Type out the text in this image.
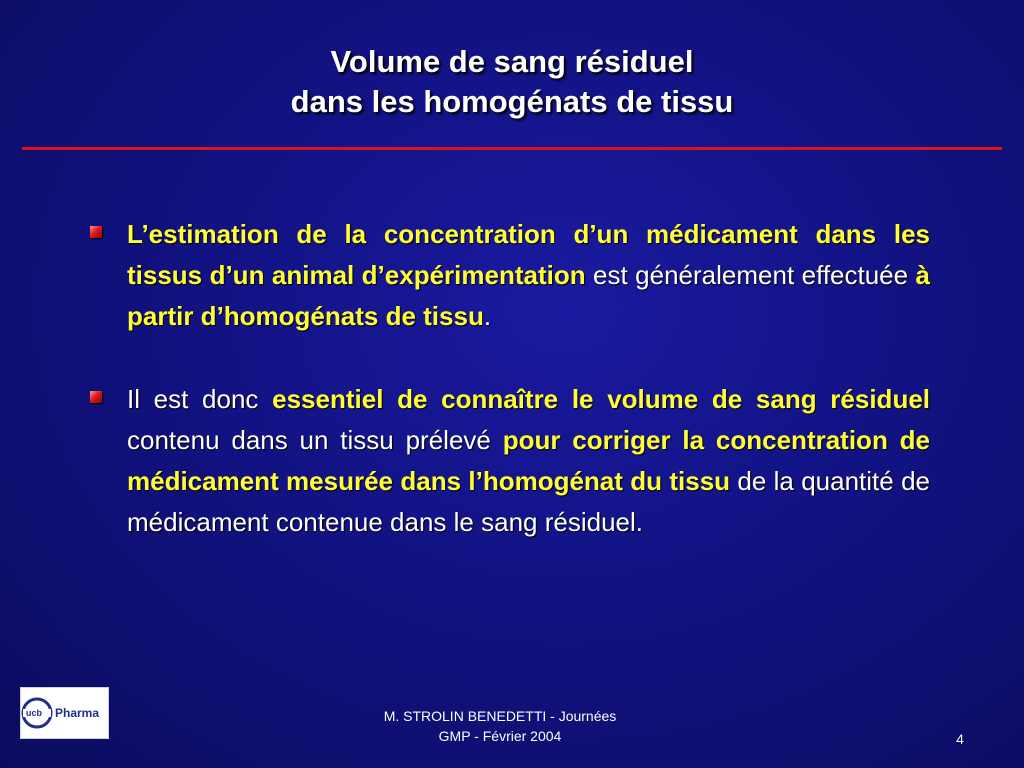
Volume de sang résiduel
dans les homogénats de tissu
L’estimation de la concentration d’un médicament dans les tissus d’un animal d’expérimentation est généralement effectuée à partir d’homogénats de tissu.
Il est donc essentiel de connaître le volume de sang résiduel contenu dans un tissu prélevé pour corriger la concentration de médicament mesurée dans l’homogénat du tissu de la quantité de médicament contenue dans le sang résiduel.
ucb Pharma	M. STROLIN BENEDETTI - Journées
GMP - Février 2004	4
